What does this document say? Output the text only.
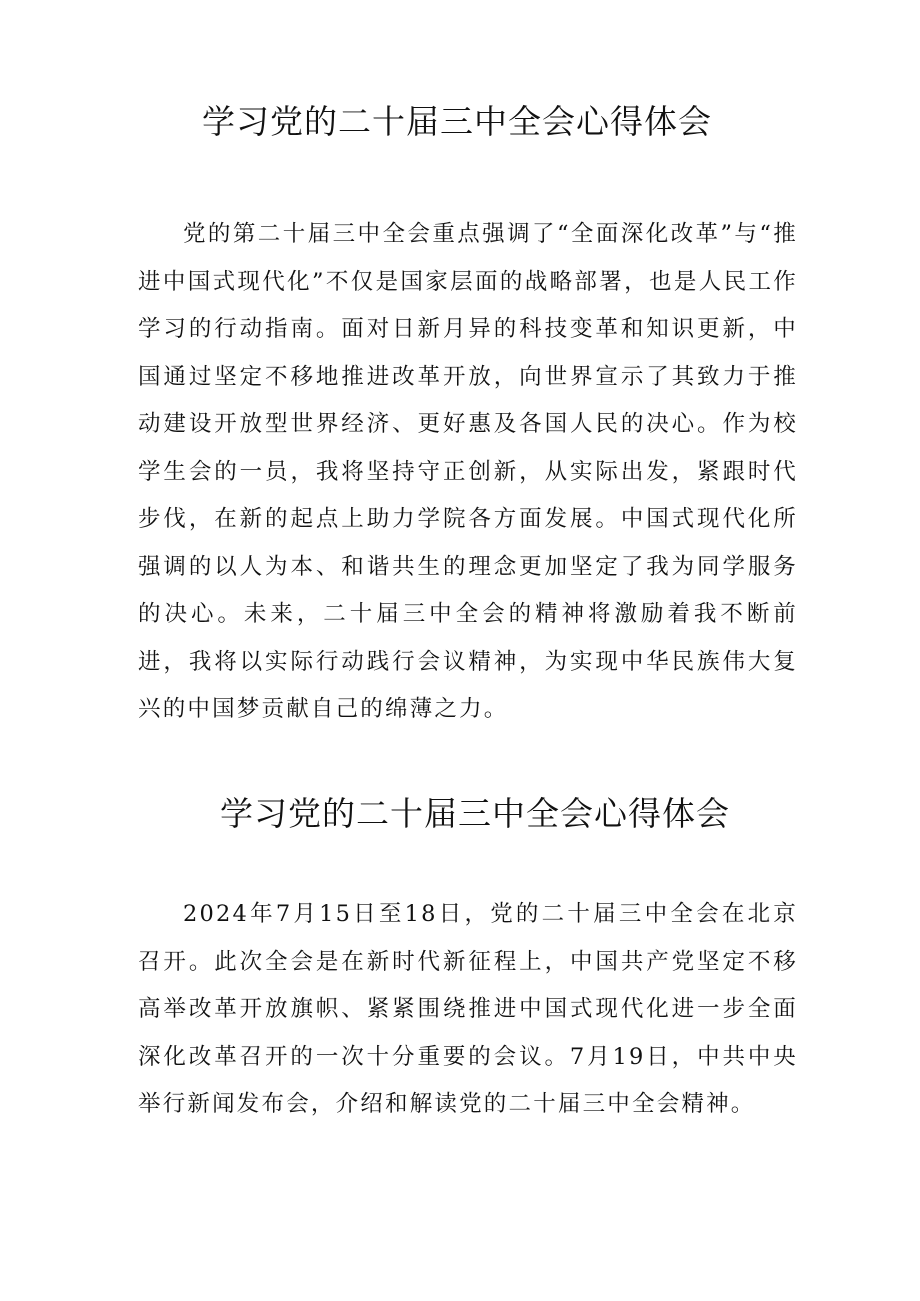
学习党的二十届三中全会心得体会

党的第二十届三中全会重点强调了“全面深化改革”与“推进中国式现代化”不仅是国家层面的战略部署，也是人民工作学习的行动指南。面对日新月异的科技变革和知识更新，中国通过坚定不移地推进改革开放，向世界宣示了其致力于推动建设开放型世界经济、更好惠及各国人民的决心。作为校学生会的一员，我将坚持守正创新，从实际出发，紧跟时代步伐，在新的起点上助力学院各方面发展。中国式现代化所强调的以人为本、和谐共生的理念更加坚定了我为同学服务的决心。未来，二十届三中全会的精神将激励着我不断前进，我将以实际行动践行会议精神，为实现中华民族伟大复兴的中国梦贡献自己的绵薄之力。

学习党的二十届三中全会心得体会

2024年7月15日至18日，党的二十届三中全会在北京召开。此次全会是在新时代新征程上，中国共产党坚定不移高举改革开放旗帜、紧紧围绕推进中国式现代化进一步全面深化改革召开的一次十分重要的会议。7月19日，中共中央举行新闻发布会，介绍和解读党的二十届三中全会精神。
